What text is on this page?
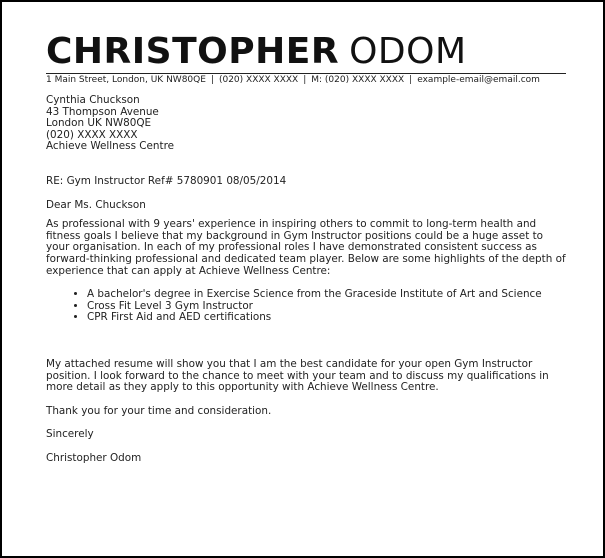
CHRISTOPHER ODOM
1 Main Street, London, UK NW80QE | (020) XXXX XXXX | M: (020) XXXX XXXX | example-email@email.com
Cynthia Chuckson
43 Thompson Avenue
London UK NW80QE
(020) XXXX XXXX
Achieve Wellness Centre
RE: Gym Instructor Ref# 5780901 08/05/2014
Dear Ms. Chuckson
As professional with 9 years' experience in inspiring others to commit to long-term health and fitness goals I believe that my background in Gym Instructor positions could be a huge asset to your organisation. In each of my professional roles I have demonstrated consistent success as forward-thinking professional and dedicated team player. Below are some highlights of the depth of experience that can apply at Achieve Wellness Centre:
• A bachelor's degree in Exercise Science from the Graceside Institute of Art and Science
• Cross Fit Level 3 Gym Instructor
• CPR First Aid and AED certifications
My attached resume will show you that I am the best candidate for your open Gym Instructor position. I look forward to the chance to meet with your team and to discuss my qualifications in more detail as they apply to this opportunity with Achieve Wellness Centre.
Thank you for your time and consideration.
Sincerely
Christopher Odom
